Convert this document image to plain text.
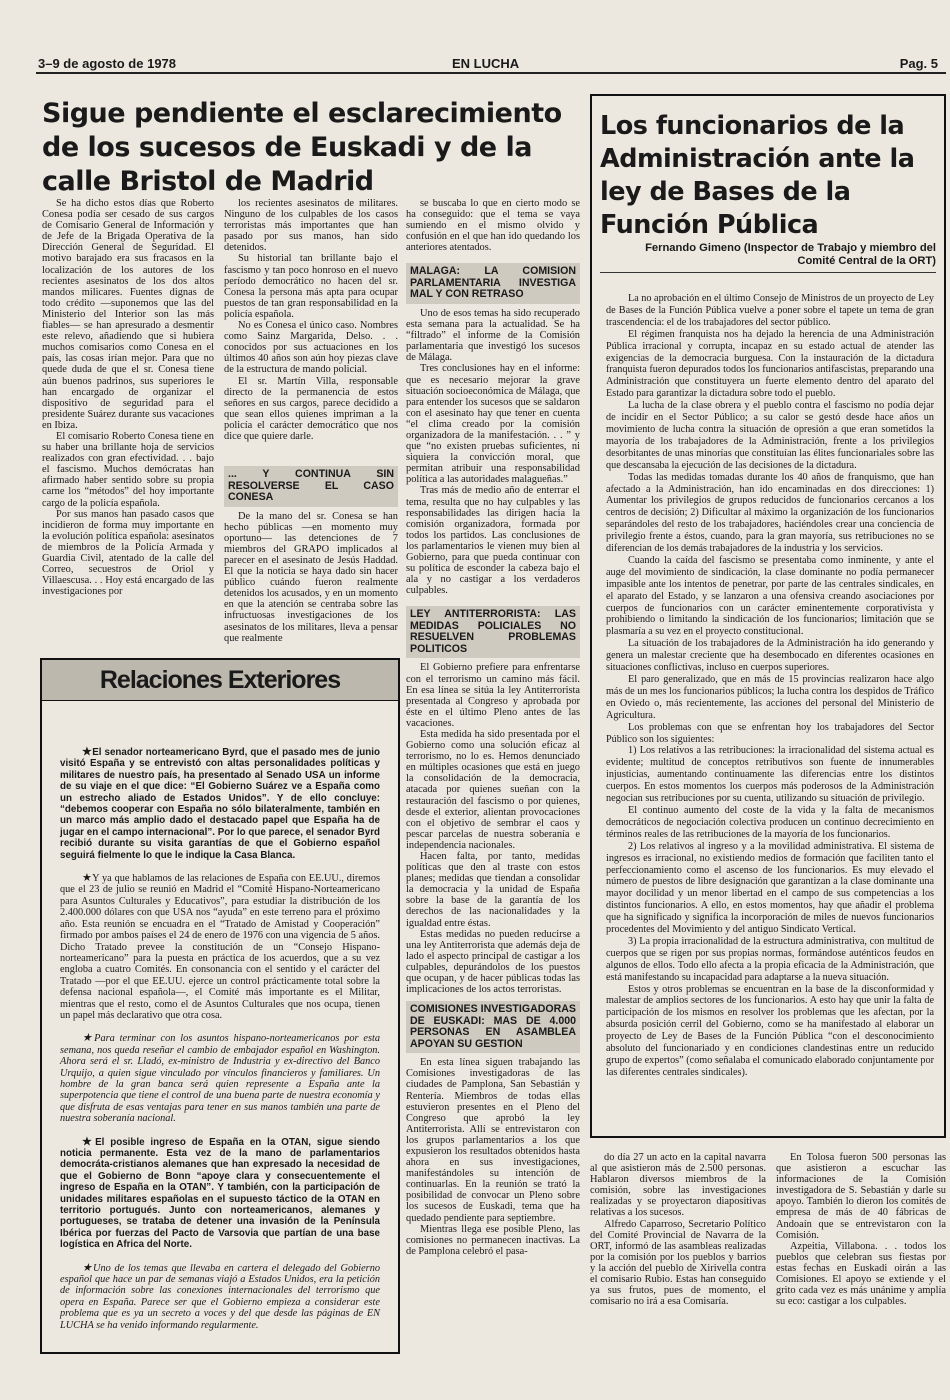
3–9 de agosto de 1978	EN LUCHA	Pag. 5
Sigue pendiente el esclarecimiento de los sucesos de Euskadi y de la calle Bristol de Madrid

Se ha dicho estos días que Roberto Conesa podía ser cesado de sus cargos de Comisario General de Información y de Jefe de la Brigada Operativa de la Dirección General de Seguridad. El motivo barajado era sus fracasos en la localización de los autores de los recientes asesinatos de los dos altos mandos milicares. Fuentes dignas de todo crédito —suponemos que las del Ministerio del Interior son las más fiables— se han apresurado a desmentir este relevo, añadiendo que si hubiera muchos comisarios como Conesa en el país, las cosas irían mejor. Para que no quede duda de que el sr. Conesa tiene aún buenos padrinos, sus superiores le han encargado de organizar el dispositivo de seguridad para el presidente Suárez durante sus vacaciones en Ibiza.

El comisario Roberto Conesa tiene en su haber una brillante hoja de servicios realizados con gran efectividad. . . bajo el fascismo. Muchos demócratas han afirmado haber sentido sobre su propia carne los “métodos” del hoy importante cargo de la policía española.

Por sus manos han pasado casos que incidieron de forma muy importante en la evolución política española: asesinatos de miembros de la Policía Armada y Guardia Civil, atentado de la calle del Correo, secuestros de Oriol y Villaescusa. . . Hoy está encargado de las investigaciones por

los recientes asesinatos de militares. Ninguno de los culpables de los casos terroristas más importantes que han pasado por sus manos, han sido detenidos.

Su historial tan brillante bajo el fascismo y tan poco honroso en el nuevo período democrático no hacen del sr. Conesa la persona más apta para ocupar puestos de tan gran responsabilidad en la policía española.

No es Conesa el único caso. Nombres como Sainz Margarida, Delso. . . conocidos por sus actuaciones en los últimos 40 años son aún hoy piezas clave de la estructura de mando policial.

El sr. Martín Villa, responsable directo de la permanencia de estos señores en sus cargos, parece decidido a que sean ellos quienes impriman a la policía el carácter democrático que nos dice que quiere darle.

... Y CONTINUA SIN RESOLVERSE EL CASO CONESA

De la mano del sr. Conesa se han hecho públicas —en momento muy oportuno— las detenciones de 7 miembros del GRAPO implicados al parecer en el asesinato de Jesús Haddad. El que la noticia se haya dado sin hacer público cuándo fueron realmente detenidos los acusados, y en un momento en que la atención se centraba sobre las infructuosas investigaciones de los asesinatos de los militares, lleva a pensar que realmente

se buscaba lo que en cierto modo se ha conseguido: que el tema se vaya sumiendo en el mismo olvido y confusión en el que han ido quedando los anteriores atentados.

MALAGA: LA COMISION PARLAMENTARIA INVESTIGA MAL Y CON RETRASO

Uno de esos temas ha sido recuperado esta semana para la actualidad. Se ha “filtrado” el informe de la Comisión parlamentaria que investigó los sucesos de Málaga.

Tres conclusiones hay en el informe: que es necesario mejorar la grave situación socioeconómica de Málaga, que para entender los sucesos que se saldaron con el asesinato hay que tener en cuenta “el clima creado por la comisión organizadora de la manifestación. . . ” y que “no existen pruebas suficientes, ni siquiera la convicción moral, que permitan atribuir una responsabilidad política a las autoridades malagueñas.”

Tras más de medio año de enterrar el tema, resulta que no hay culpables y las responsabilidades las dirigen hacia la comisión organizadora, formada por todos los partidos. Las conclusiones de los parlamentarios le vienen muy bien al Gobierno, para que pueda continuar con su política de esconder la cabeza bajo el ala y no castigar a los verdaderos culpables.

LEY ANTITERRORISTA: LAS MEDIDAS POLICIALES NO RESUELVEN PROBLEMAS POLITICOS

El Gobierno prefiere para enfrentarse con el terrorismo un camino más fácil. En esa línea se sitúa la ley Antiterrorista presentada al Congreso y aprobada por éste en el último Pleno antes de las vacaciones.

Esta medida ha sido presentada por el Gobierno como una solución eficaz al terrorismo, no lo es. Hemos denunciado en múltiples ocasiones que está en juego la consolidación de la democracia, atacada por quienes sueñan con la restauración del fascismo o por quienes, desde el exterior, alientan provocaciones con el objetivo de sembrar el caos y pescar parcelas de nuestra soberanía e independencia nacionales.

Hacen falta, por tanto, medidas políticas que den al traste con estos planes; medidas que tiendan a consolidar la democracia y la unidad de España sobre la base de la garantía de los derechos de las nacionalidades y la igualdad entre éstas.

Estas medidas no pueden reducirse a una ley Antiterrorista que además deja de lado el aspecto principal de castigar a los culpables, depurándolos de los puestos que ocupan, y de hacer públicas todas las implicaciones de los actos terroristas.

COMISIONES INVESTIGADORAS DE EUSKADI: MAS DE 4.000 PERSONAS EN ASAMBLEA APOYAN SU GESTION

En esta línea siguen trabajando las Comisiones investigadoras de las ciudades de Pamplona, San Sebastián y Rentería. Miembros de todas ellas estuvieron presentes en el Pleno del Congreso que aprobó la ley Antiterrorista. Allí se entrevistaron con los grupos parlamentarios a los que expusieron los resultados obtenidos hasta ahora en sus investigaciones, manifestándoles su intención de continuarlas. En la reunión se trató la posibilidad de convocar un Pleno sobre los sucesos de Euskadi, tema que ha quedado pendiente para septiembre.

Mientras llega ese posible Pleno, las comisiones no permanecen inactivas. La de Pamplona celebró el pasa-

do día 27 un acto en la capital navarra al que asistieron más de 2.500 personas. Hablaron diversos miembros de la comisión, sobre las investigaciones realizadas y se proyectaron diapositivas relativas a los sucesos.

Alfredo Caparroso, Secretario Político del Comité Provincial de Navarra de la ORT, informó de las asambleas realizadas por la comisión por los pueblos y barrios y la acción del pueblo de Xirivella contra el comisario Rubio. Estas han conseguido ya sus frutos, pues de momento, el comisario no irá a esa Comisaría.

En Tolosa fueron 500 personas las que asistieron a escuchar las informaciones de la Comisión investigadora de S. Sebastián y darle su apoyo. También lo dieron los comités de empresa de más de 40 fábricas de Andoaín que se entrevistaron con la Comisión.

Azpeitia, Villabona. . . todos los pueblos que celebran sus fiestas por estas fechas en Euskadi oirán a las Comisiones. El apoyo se extiende y el grito cada vez es más unánime y amplía su eco: castigar a los culpables.

Relaciones Exteriores

★El senador norteamericano Byrd, que el pasado mes de junio visitó España y se entrevistó con altas personalidades políticas y militares de nuestro país, ha presentado al Senado USA un informe de su viaje en el que dice: “El Gobierno Suárez ve a España como un estrecho aliado de Estados Unidos”. Y de ello concluye: “debemos cooperar con España no sólo bilateralmente, también en un marco más amplio dado el destacado papel que España ha de jugar en el campo internacional”. Por lo que parece, el senador Byrd recibió durante su visita garantías de que el Gobierno español seguirá fielmente lo que le indique la Casa Blanca.

★Y ya que hablamos de las relaciones de España con EE.UU., diremos que el 23 de julio se reunió en Madrid el “Comité Hispano-Norteamericano para Asuntos Culturales y Educativos”, para estudiar la distribución de los 2.400.000 dólares con que USA nos “ayuda” en este terreno para el próximo año. Esta reunión se encuadra en el “Tratado de Amistad y Cooperación” firmado por ambos países el 24 de enero de 1976 con una vigencia de 5 años. Dicho Tratado prevee la constitución de un “Consejo Hispano-norteamericano” para la puesta en práctica de los acuerdos, que a su vez engloba a cuatro Comités. En consonancia con el sentido y el carácter del Tratado —por el que EE.UU. ejerce un control prácticamente total sobre la defensa nacional española—, el Comité más importante es el Militar, mientras que el resto, como el de Asuntos Culturales que nos ocupa, tienen un papel más declarativo que otra cosa.

★Para terminar con los asuntos hispano-norteamericanos por esta semana, nos queda reseñar el cambio de embajador español en Washington. Ahora será el sr. Lladó, ex-ministro de Industria y ex-directivo del Banco Urquijo, a quien sigue vinculado por vínculos financieros y familiares. Un hombre de la gran banca será quien represente a España ante la superpotencia que tiene el control de una buena parte de nuestra economía y que disfruta de esas ventajas para tener en sus manos también una parte de nuestra soberanía nacional.

★El posible ingreso de España en la OTAN, sigue siendo noticia permanente. Esta vez de la mano de parlamentarios democráta-cristianos alemanes que han expresado la necesidad de que el Gobierno de Bonn “apoye clara y consecuentemente el ingreso de España en la OTAN”. Y también, con la participación de unidades militares españolas en el supuesto táctico de la OTAN en territorio portugués. Junto con norteamericanos, alemanes y portugueses, se trataba de detener una invasión de la Península Ibérica por fuerzas del Pacto de Varsovia que partían de una base logística en Africa del Norte.

★Uno de los temas que llevaba en cartera el delegado del Gobierno español que hace un par de semanas viajó a Estados Unidos, era la petición de información sobre las conexiones internacionales del terrorismo que opera en España. Parece ser que el Gobierno empieza a considerar este problema que es ya un secreto a voces y del que desde las páginas de EN LUCHA se ha venido informando regularmente.

Los funcionarios de la Administración ante la ley de Bases de la Función Pública
Fernando Gimeno (Inspector de Trabajo y miembro del Comité Central de la ORT)

La no aprobación en el último Consejo de Ministros de un proyecto de Ley de Bases de la Función Pública vuelve a poner sobre el tapete un tema de gran trascendencia: el de los trabajadores del sector público.

El régimen franquista nos ha dejado la herencia de una Administración Pública irracional y corrupta, incapaz en su estado actual de atender las exigencias de la democracia burguesa. Con la instauración de la dictadura franquista fueron depurados todos los funcionarios antifascistas, preparando una Administración que constituyera un fuerte elemento dentro del aparato del Estado para garantizar la dictadura sobre todo el pueblo.

La lucha de la clase obrera y el pueblo contra el fascismo no podía dejar de incidir en el Sector Público; a su calor se gestó desde hace años un movimiento de lucha contra la situación de opresión a que eran sometidos la mayoría de los trabajadores de la Administración, frente a los privilegios desorbitantes de unas minorías que constituían las élites funcionariales sobre las que descansaba la ejecución de las decisiones de la dictadura.

Todas las medidas tomadas durante los 40 años de franquismo, que han afectado a la Administración, han ido encaminadas en dos direcciones: 1) Aumentar los privilegios de grupos reducidos de funcionarios cercanos a los centros de decisión; 2) Dificultar al máximo la organización de los funcionarios separándoles del resto de los trabajadores, haciéndoles crear una conciencia de privilegio frente a éstos, cuando, para la gran mayoría, sus retribuciones no se diferencian de los demás trabajadores de la industria y los servicios.

Cuando la caída del fascismo se presentaba como inminente, y ante el auge del movimiento de sindicación, la clase dominante no podía permanecer impasible ante los intentos de penetrar, por parte de las centrales sindicales, en el aparato del Estado, y se lanzaron a una ofensiva creando asociaciones por cuerpos de funcionarios con un carácter eminentemente corporativista y prohibiendo o limitando la sindicación de los funcionarios; limitación que se plasmaría a su vez en el proyecto constitucional.

La situación de los trabajadores de la Administración ha ido generando y genera un malestar creciente que ha desembocado en diferentes ocasiones en situaciones conflictivas, incluso en cuerpos superiores.

El paro generalizado, que en más de 15 provincias realizaron hace algo más de un mes los funcionarios públicos; la lucha contra los despidos de Tráfico en Oviedo o, más recientemente, las acciones del personal del Ministerio de Agricultura.

Los problemas con que se enfrentan hoy los trabajadores del Sector Público son los siguientes:

1) Los relativos a las retribuciones: la irracionalidad del sistema actual es evidente; multitud de conceptos retributivos son fuente de innumerables injusticias, aumentando continuamente las diferencias entre los distintos cuerpos. En estos momentos los cuerpos más poderosos de la Administración negocian sus retribuciones por su cuenta, utilizando su situación de privilegio.

El continuo aumento del coste de la vida y la falta de mecanismos democráticos de negociación colectiva producen un continuo decrecimiento en términos reales de las retribuciones de la mayoría de los funcionarios.

2) Los relativos al ingreso y a la movilidad administrativa. El sistema de ingresos es irracional, no existiendo medios de formación que faciliten tanto el perfeccionamiento como el ascenso de los funcionarios. Es muy elevado el número de puestos de libre designación que garantizan a la clase dominante una mayor docilidad y un menor libertad en el campo de sus competencias a los distintos funcionarios. A ello, en estos momentos, hay que añadir el problema que ha significado y significa la incorporación de miles de nuevos funcionarios procedentes del Movimiento y del antiguo Sindicato Vertical.

3) La propia irracionalidad de la estructura administrativa, con multitud de cuerpos que se rigen por sus propias normas, formándose auténticos feudos en algunos de ellos. Todo ello afecta a la propia eficacia de la Administración, que está manifestando su incapacidad para adaptarse a la nueva situación.

Estos y otros problemas se encuentran en la base de la disconformidad y malestar de amplios sectores de los funcionarios. A esto hay que unir la falta de participación de los mismos en resolver los problemas que les afectan, por la absurda posición cerril del Gobierno, como se ha manifestado al elaborar un proyecto de Ley de Bases de la Función Pública “con el desconocimiento absoluto del funcionariado y en condiciones clandestinas entre un reducido grupo de expertos” (como señalaba el comunicado elaborado conjuntamente por las diferentes centrales sindicales).
